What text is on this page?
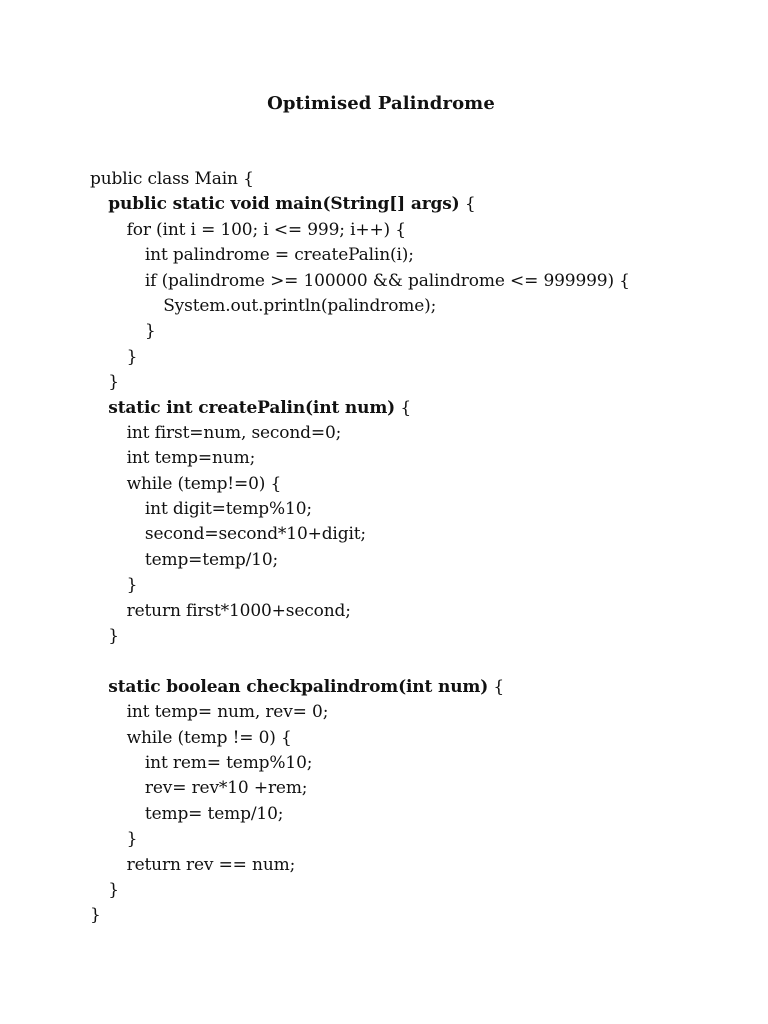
Optimised Palindrome
public class Main {
public static void main(String[] args) {
for (int i = 100; i <= 999; i++) {
int palindrome = createPalin(i);
if (palindrome >= 100000 && palindrome <= 999999) {
System.out.println(palindrome);
}
}
}
static int createPalin(int num) {
int first=num, second=0;
int temp=num;
while (temp!=0) {
int digit=temp%10;
second=second*10+digit;
temp=temp/10;
}
return first*1000+second;
}
static boolean checkpalindrom(int num) {
int temp= num, rev= 0;
while (temp != 0) {
int rem= temp%10;
rev= rev*10 +rem;
temp= temp/10;
}
return rev == num;
}
}
